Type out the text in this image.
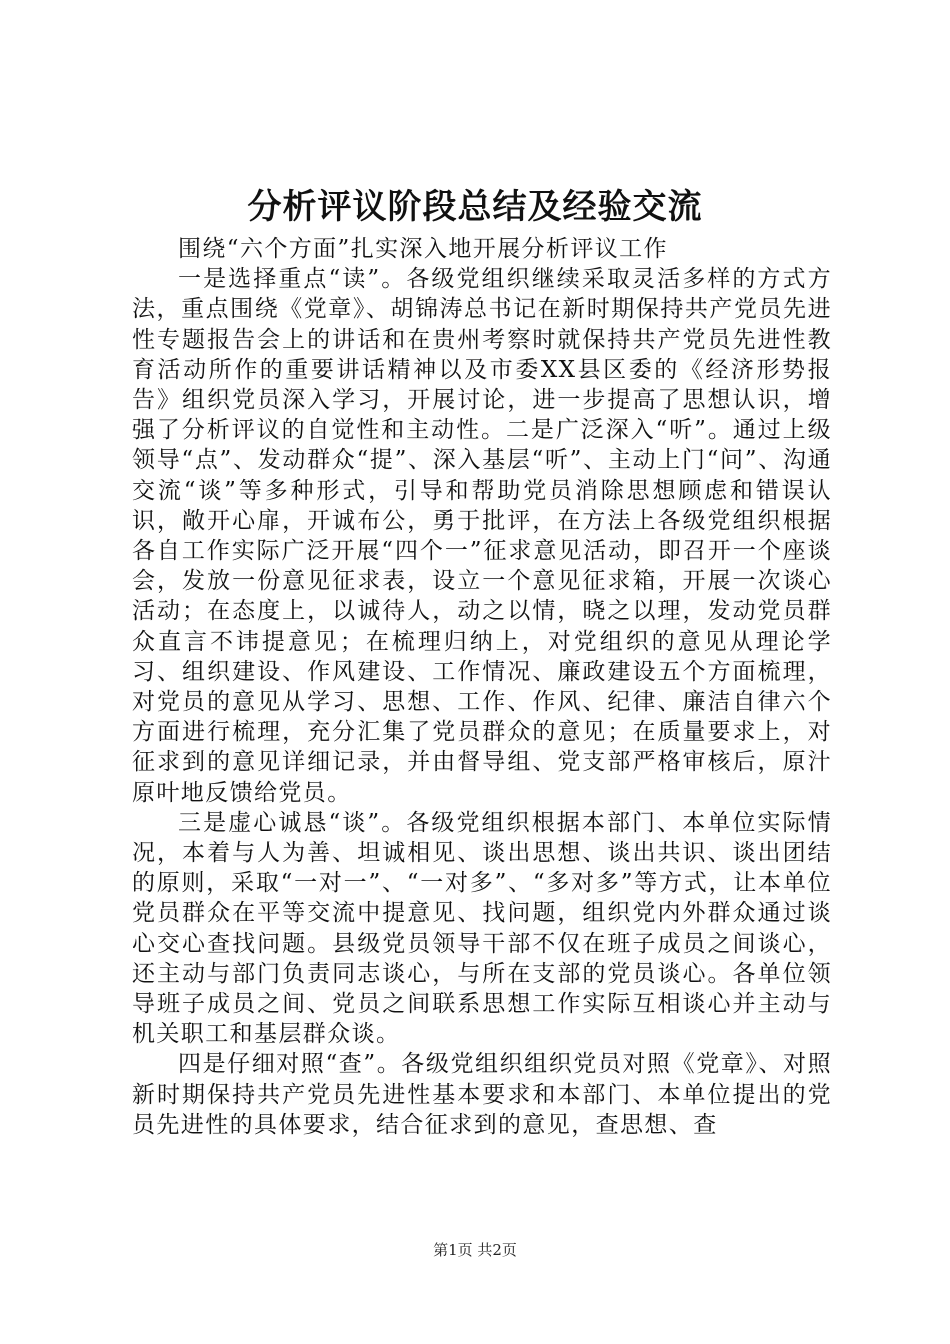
分析评议阶段总结及经验交流

围绕“六个方面”扎实深入地开展分析评议工作

一是选择重点“读”。各级党组织继续采取灵活多样的方式方法，重点围绕《党章》、胡锦涛总书记在新时期保持共产党员先进性专题报告会上的讲话和在贵州考察时就保持共产党员先进性教育活动所作的重要讲话精神以及市委XX县区委的《经济形势报告》组织党员深入学习，开展讨论，进一步提高了思想认识，增强了分析评议的自觉性和主动性。二是广泛深入“听”。通过上级领导“点”、发动群众“提”、深入基层“听”、主动上门“问”、沟通交流“谈”等多种形式，引导和帮助党员消除思想顾虑和错误认识，敞开心扉，开诚布公，勇于批评，在方法上各级党组织根据各自工作实际广泛开展“四个一”征求意见活动，即召开一个座谈会，发放一份意见征求表，设立一个意见征求箱，开展一次谈心活动；在态度上，以诚待人，动之以情，晓之以理，发动党员群众直言不讳提意见；在梳理归纳上，对党组织的意见从理论学习、组织建设、作风建设、工作情况、廉政建设五个方面梳理，对党员的意见从学习、思想、工作、作风、纪律、廉洁自律六个方面进行梳理，充分汇集了党员群众的意见；在质量要求上，对征求到的意见详细记录，并由督导组、党支部严格审核后，原汁原叶地反馈给党员。

三是虚心诚恳“谈”。各级党组织根据本部门、本单位实际情况，本着与人为善、坦诚相见、谈出思想、谈出共识、谈出团结的原则，采取“一对一”、“一对多”、“多对多”等方式，让本单位党员群众在平等交流中提意见、找问题，组织党内外群众通过谈心交心查找问题。县级党员领导干部不仅在班子成员之间谈心，还主动与部门负责同志谈心，与所在支部的党员谈心。各单位领导班子成员之间、党员之间联系思想工作实际互相谈心并主动与机关职工和基层群众谈。

四是仔细对照“查”。各级党组织组织党员对照《党章》、对照新时期保持共产党员先进性基本要求和本部门、本单位提出的党员先进性的具体要求，结合征求到的意见，查思想、查

第1页 共2页
